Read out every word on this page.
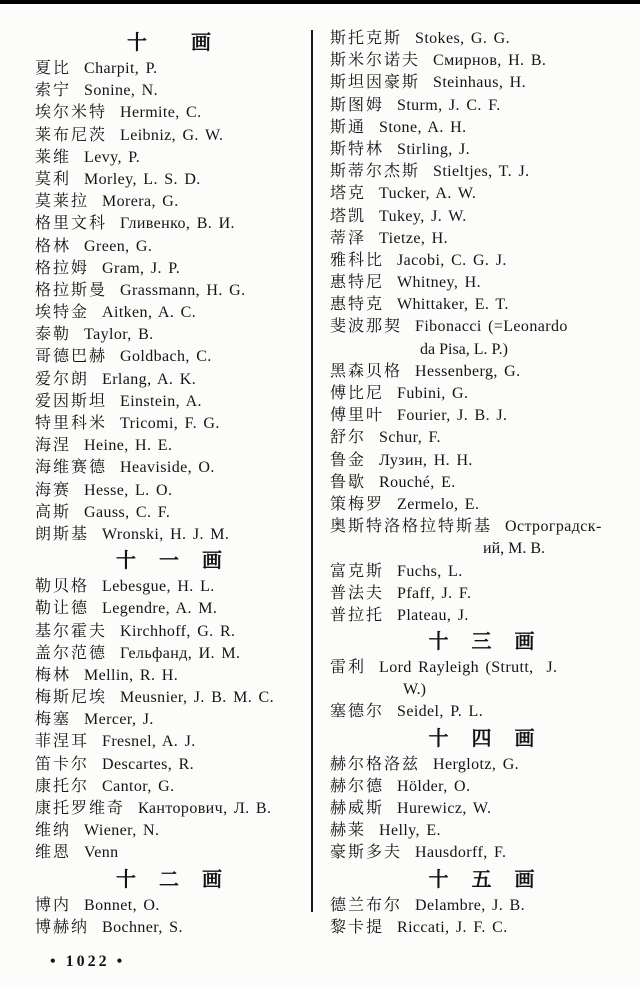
十  画
夏比 Charpit, P.
索宁 Sonine, N.
埃尔米特 Hermite, C.
莱布尼茨 Leibniz, G. W.
莱维 Levy, P.
莫利 Morley, L. S. D.
莫莱拉 Morera, G.
格里文科 Гливенко, В. И.
格林 Green, G.
格拉姆 Gram, J. P.
格拉斯曼 Grassmann, H. G.
埃特金 Aitken, A. C.
泰勒 Taylor, B.
哥德巴赫 Goldbach, C.
爱尔朗 Erlang, A. K.
爱因斯坦 Einstein, A.
特里科米 Tricomi, F. G.
海涅 Heine, H. E.
海维赛德 Heaviside, O.
海赛 Hesse, L. O.
高斯 Gauss, C. F.
朗斯基 Wronski, H. J. M.
十 一 画
勒贝格 Lebesgue, H. L.
勒让德 Legendre, A. M.
基尔霍夫 Kirchhoff, G. R.
盖尔范德 Гельфанд, И. М.
梅林 Mellin, R. H.
梅斯尼埃 Meusnier, J. B. M. C.
梅塞 Mercer, J.
菲涅耳 Fresnel, A. J.
笛卡尔 Descartes, R.
康托尔 Cantor, G.
康托罗维奇 Канторович, Л. В.
维纳 Wiener, N.
维恩 Venn
十 二 画
博内 Bonnet, O.
博赫纳 Bochner, S.
斯托克斯 Stokes, G. G.
斯米尔诺夫 Смирнов, Н. В.
斯坦因豪斯 Steinhaus, H.
斯图姆 Sturm, J. C. F.
斯通 Stone, A. H.
斯特林 Stirling, J.
斯蒂尔杰斯 Stieltjes, T. J.
塔克 Tucker, A. W.
塔凯 Tukey, J. W.
蒂泽 Tietze, H.
雅科比 Jacobi, C. G. J.
惠特尼 Whitney, H.
惠特克 Whittaker, E. T.
斐波那契 Fibonacci (=Leonardo
da Pisa, L. P.)
黑森贝格 Hessenberg, G.
傅比尼 Fubini, G.
傅里叶 Fourier, J. B. J.
舒尔 Schur, F.
鲁金 Лузин, Н. Н.
鲁歇 Rouché, E.
策梅罗 Zermelo, E.
奥斯特洛格拉特斯基 Остроградск-
ий, М. В.
富克斯 Fuchs, L.
普法夫 Pfaff, J. F.
普拉托 Plateau, J.
十 三 画
雷利 Lord Rayleigh (Strutt,  J.
W.)
塞德尔 Seidel, P. L.
十 四 画
赫尔格洛兹 Herglotz, G.
赫尔德 Hölder, O.
赫威斯 Hurewicz, W.
赫莱 Helly, E.
豪斯多夫 Hausdorff, F.
十 五 画
德兰布尔 Delambre, J. B.
黎卡提 Riccati, J. F. C.
• 1022 •
